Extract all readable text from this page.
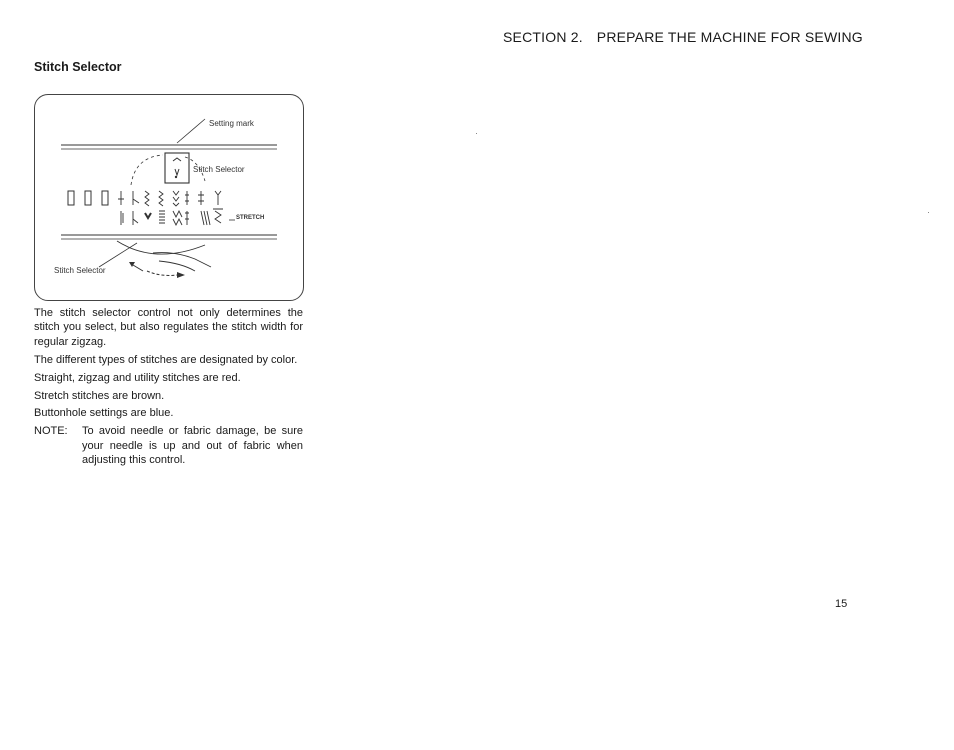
SECTION 2. PREPARE THE MACHINE FOR SEWING
Stitch Selector
Setting mark
Stitch Selector
Stitch Selector
STRETCH

The stitch selector control not only determines the stitch you select, but also regulates the stitch width for regular zigzag.

The different types of stitches are designated by color.

Straight, zigzag and utility stitches are red.

Stretch stitches are brown.

Buttonhole settings are blue.

NOTE:	To avoid needle or fabric damage, be sure your needle is up and out of fabric when adjusting this control.
15
